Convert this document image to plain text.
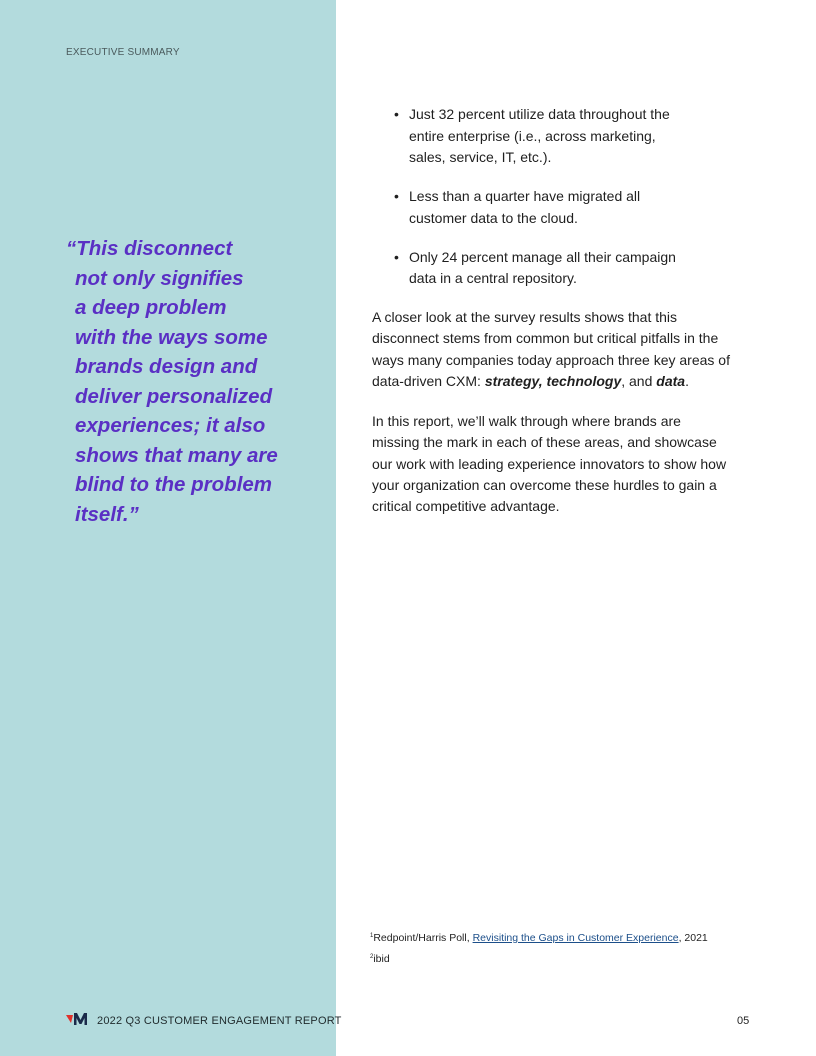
EXECUTIVE SUMMARY
“This disconnect
not only signifies
a deep problem
with the ways some
brands design and
deliver personalized
experiences; it also
shows that many are
blind to the problem
itself.”
• Just 32 percent utilize data throughout the
entire enterprise (i.e., across marketing,
sales, service, IT, etc.).
• Less than a quarter have migrated all
customer data to the cloud.
• Only 24 percent manage all their campaign
data in a central repository.

A closer look at the survey results shows that this
disconnect stems from common but critical pitfalls in the
ways many companies today approach three key areas of
data-driven CXM: strategy, technology, and data.

In this report, we’ll walk through where brands are
missing the mark in each of these areas, and showcase
our work with leading experience innovators to show how
your organization can overcome these hurdles to gain a
critical competitive advantage.

$^1$Redpoint/Harris Poll, Revisiting the Gaps in Customer Experience, 2021
$^2$ibid
2022 Q3 CUSTOMER ENGAGEMENT REPORT	05
